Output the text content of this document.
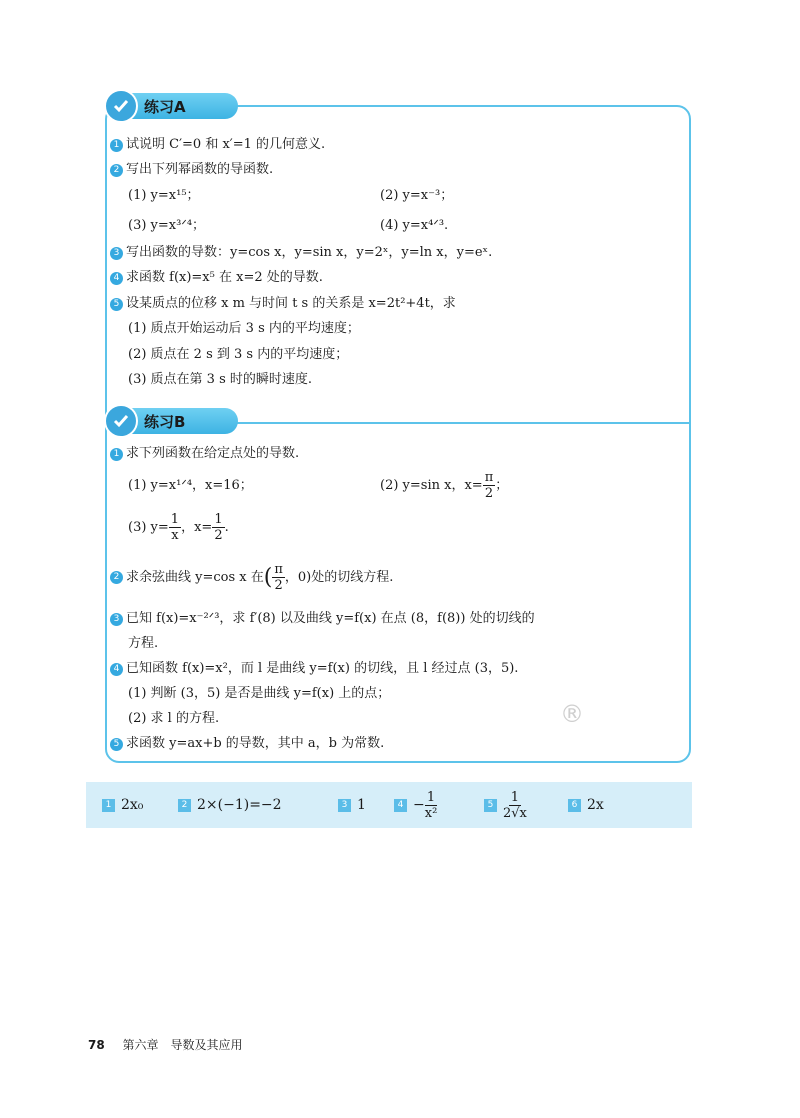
练习A
1 试说明 C′=0 和 x′=1 的几何意义.
2 写出下列幂函数的导函数.
(1) y=x¹⁵；	(2) y=x⁻³；
(3) y=x³ᐟ⁴；	(4) y=x⁴ᐟ³.
3 写出函数的导数：y=cos x，y=sin x，y=2ˣ，y=ln x，y=eˣ.
4 求函数 f(x)=x⁵ 在 x=2 处的导数.
5 设某质点的位移 x m 与时间 t s 的关系是 x=2t²+4t，求
(1) 质点开始运动后 3 s 内的平均速度；
(2) 质点在 2 s 到 3 s 内的平均速度；
(3) 质点在第 3 s 时的瞬时速度.
练习B
1 求下列函数在给定点处的导数.
(1) y=x¹ᐟ⁴，x=16；	(2) y=sin x，$x= \frac{\pi}{2}$ ；
(3) $y= \frac{1}{x}$ ，$x= \frac{1}{2}$ .
2 求余弦曲线 y=cos x 在 ( $\frac{\pi}{2}$ ，0) 处的切线方程.
3 已知 f(x)=x⁻²ᐟ³，求 f′(8) 以及曲线 y=f(x) 在点 (8，f(8)) 处的切线的
方程.
4 已知函数 f(x)=x²，而 l 是曲线 y=f(x) 的切线，且 l 经过点 (3，5).
(1) 判断 (3，5) 是否是曲线 y=f(x) 上的点；
(2) 求 l 的方程.
5 求函数 y=ax+b 的导数，其中 a，b 为常数.
®
1 2x₀	2 2×(−1)=−2	3 1	$4 - \frac{1}{\text{x²}}$	$5 \frac{1}{2√x}$	6 2x
78 第六章　导数及其应用
